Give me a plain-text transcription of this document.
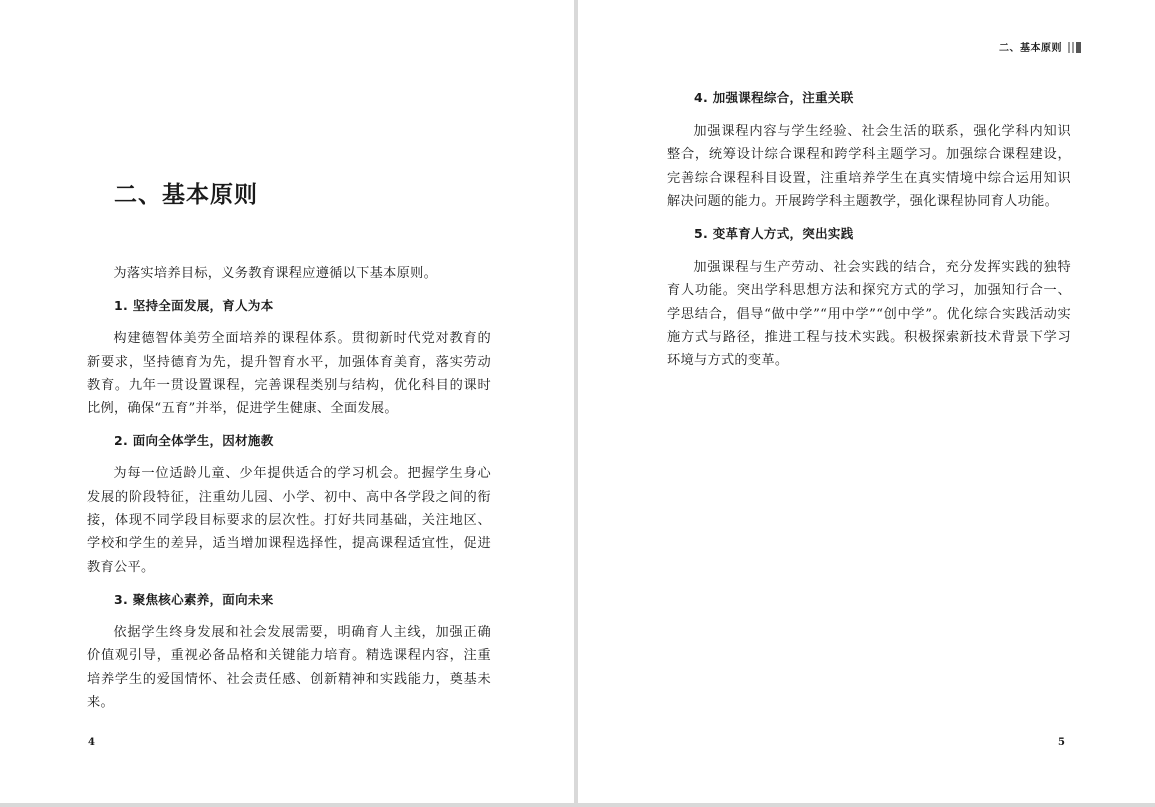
二、基本原则

为落实培养目标，义务教育课程应遵循以下基本原则。

1. 坚持全面发展，育人为本

构建德智体美劳全面培养的课程体系。贯彻新时代党对教育的新要求，坚持德育为先，提升智育水平，加强体育美育，落实劳动教育。九年一贯设置课程，完善课程类别与结构，优化科目的课时比例，确保“五育”并举，促进学生健康、全面发展。

2. 面向全体学生，因材施教

为每一位适龄儿童、少年提供适合的学习机会。把握学生身心发展的阶段特征，注重幼儿园、小学、初中、高中各学段之间的衔接，体现不同学段目标要求的层次性。打好共同基础，关注地区、学校和学生的差异，适当增加课程选择性，提高课程适宜性，促进教育公平。

3. 聚焦核心素养，面向未来

依据学生终身发展和社会发展需要，明确育人主线，加强正确价值观引导，重视必备品格和关键能力培育。精选课程内容，注重培养学生的爱国情怀、社会责任感、创新精神和实践能力，奠基未来。

4
二、基本原则
4. 加强课程综合，注重关联

加强课程内容与学生经验、社会生活的联系，强化学科内知识整合，统筹设计综合课程和跨学科主题学习。加强综合课程建设，完善综合课程科目设置，注重培养学生在真实情境中综合运用知识解决问题的能力。开展跨学科主题教学，强化课程协同育人功能。

5. 变革育人方式，突出实践

加强课程与生产劳动、社会实践的结合，充分发挥实践的独特育人功能。突出学科思想方法和探究方式的学习，加强知行合一、学思结合，倡导“做中学”“用中学”“创中学”。优化综合实践活动实施方式与路径，推进工程与技术实践。积极探索新技术背景下学习环境与方式的变革。

5
